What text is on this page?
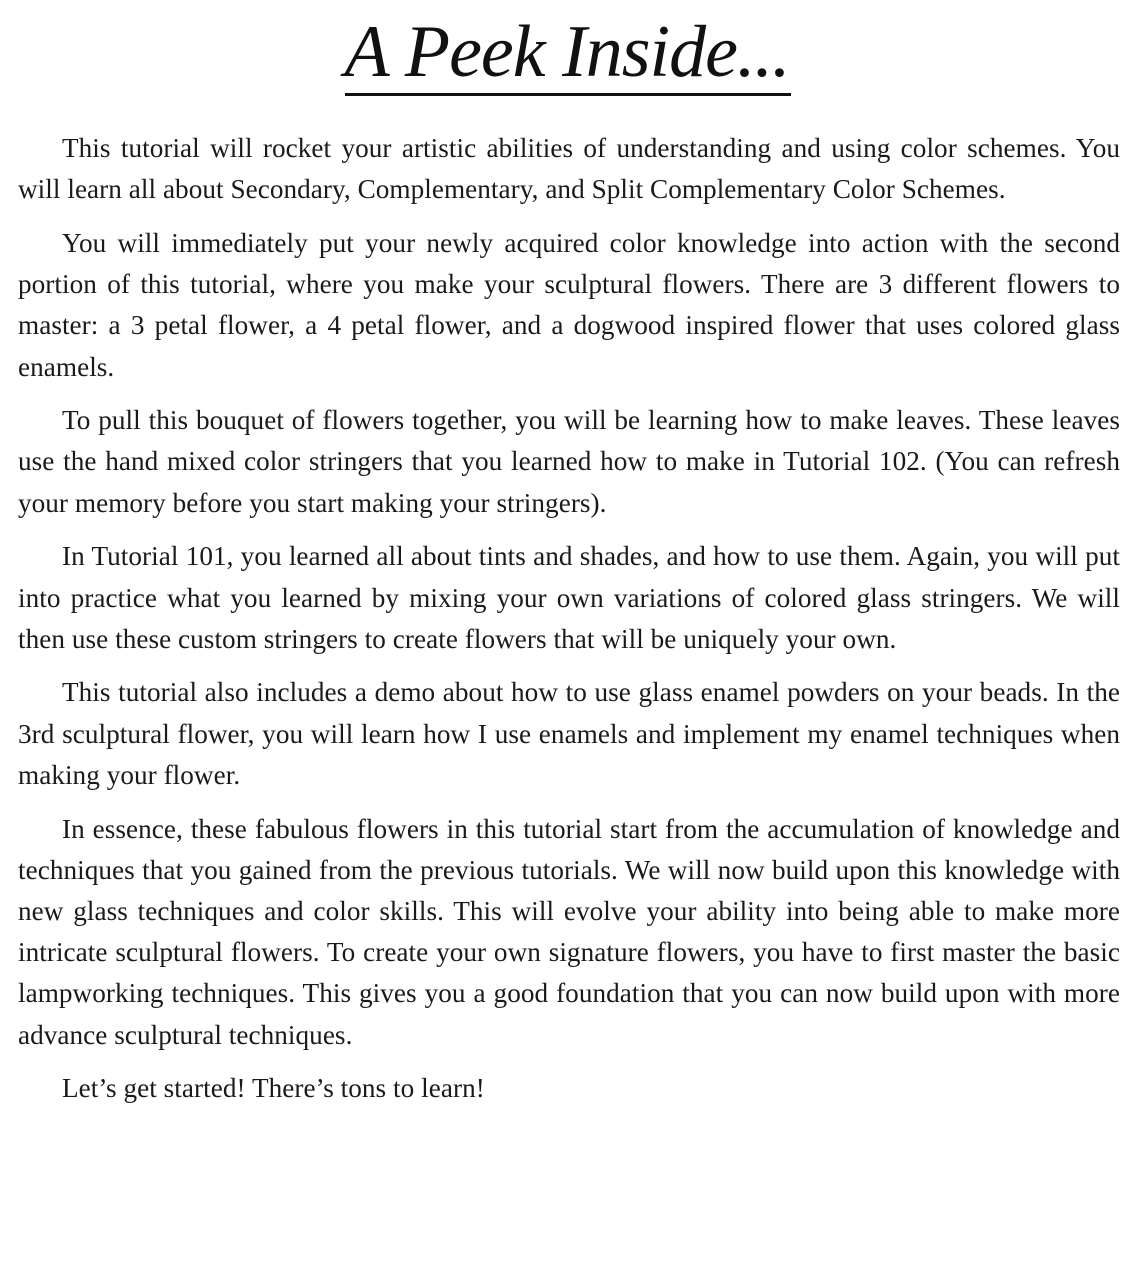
A Peek Inside...

This tutorial will rocket your artistic abilities of understanding and using color schemes. You will learn all about Secondary, Complementary, and Split Complementary Color Schemes.

You will immediately put your newly acquired color knowledge into action with the second portion of this tutorial, where you make your sculptural flowers. There are 3 different flowers to master: a 3 petal flower, a 4 petal flower, and a dogwood inspired flower that uses colored glass enamels.

To pull this bouquet of flowers together, you will be learning how to make leaves. These leaves use the hand mixed color stringers that you learned how to make in Tutorial 102. (You can refresh your memory before you start making your stringers).

In Tutorial 101, you learned all about tints and shades, and how to use them. Again, you will put into practice what you learned by mixing your own variations of colored glass stringers. We will then use these custom stringers to create flowers that will be uniquely your own.

This tutorial also includes a demo about how to use glass enamel powders on your beads. In the 3rd sculptural flower, you will learn how I use enamels and implement my enamel techniques when making your flower.

In essence, these fabulous flowers in this tutorial start from the accumulation of knowledge and techniques that you gained from the previous tutorials. We will now build upon this knowledge with new glass techniques and color skills. This will evolve your ability into being able to make more intricate sculptural flowers. To create your own signature flowers, you have to first master the basic lampworking techniques. This gives you a good foundation that you can now build upon with more advance sculptural techniques.

Let’s get started! There’s tons to learn!
